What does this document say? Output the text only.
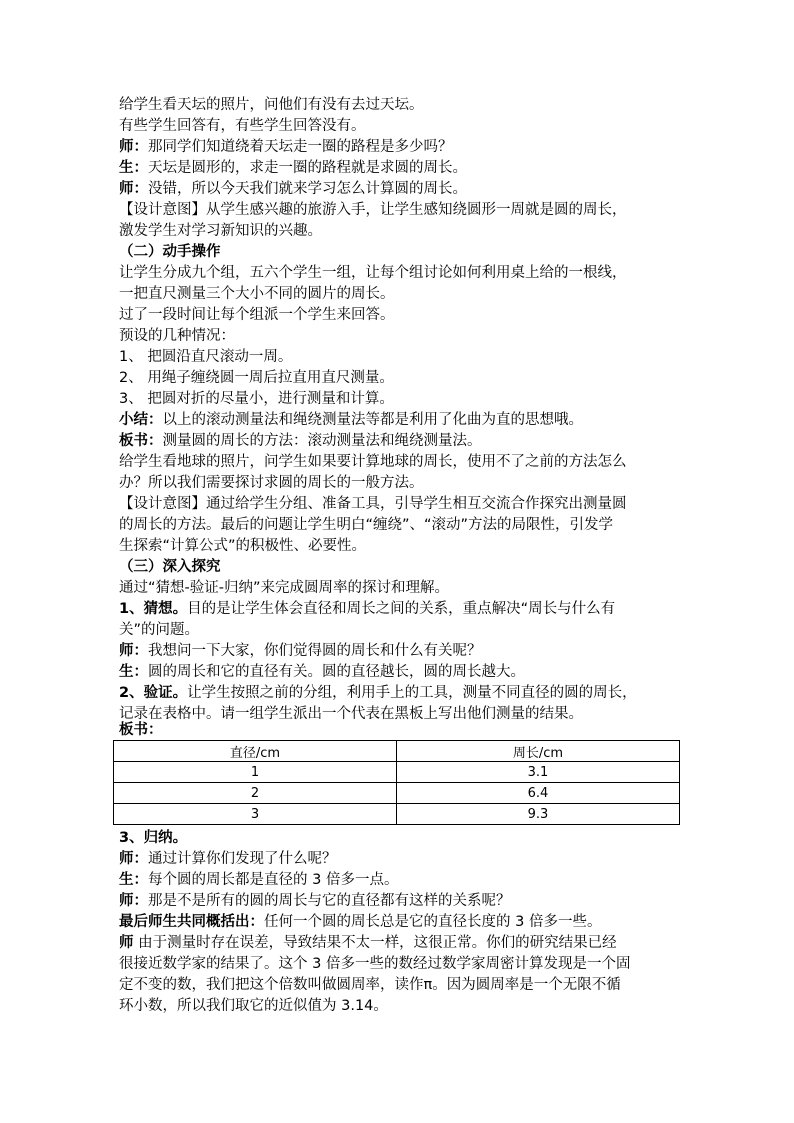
给学生看天坛的照片，问他们有没有去过天坛。

有些学生回答有，有些学生回答没有。

师：那同学们知道绕着天坛走一圈的路程是多少吗？

生：天坛是圆形的，求走一圈的路程就是求圆的周长。

师：没错，所以今天我们就来学习怎么计算圆的周长。

【设计意图】从学生感兴趣的旅游入手，让学生感知绕圆形一周就是圆的周长，

激发学生对学习新知识的兴趣。

（二）动手操作

让学生分成九个组，五六个学生一组，让每个组讨论如何利用桌上给的一根线，

一把直尺测量三个大小不同的圆片的周长。

过了一段时间让每个组派一个学生来回答。

预设的几种情况：

1、 把圆沿直尺滚动一周。

2、 用绳子缠绕圆一周后拉直用直尺测量。

3、 把圆对折的尽量小，进行测量和计算。

小结：以上的滚动测量法和绳绕测量法等都是利用了化曲为直的思想哦。

板书：测量圆的周长的方法：滚动测量法和绳绕测量法。

给学生看地球的照片，问学生如果要计算地球的周长，使用不了之前的方法怎么

办？所以我们需要探讨求圆的周长的一般方法。

【设计意图】通过给学生分组、准备工具，引导学生相互交流合作探究出测量圆

的周长的方法。最后的问题让学生明白“缠绕”、“滚动”方法的局限性，引发学

生探索“计算公式”的积极性、必要性。

（三）深入探究

通过“猜想-验证-归纳”来完成圆周率的探讨和理解。

1、猜想。目的是让学生体会直径和周长之间的关系，重点解决“周长与什么有

关”的问题。

师：我想问一下大家，你们觉得圆的周长和什么有关呢？

生：圆的周长和它的直径有关。圆的直径越长，圆的周长越大。

2、验证。让学生按照之前的分组，利用手上的工具，测量不同直径的圆的周长，

记录在表格中。请一组学生派出一个代表在黑板上写出他们测量的结果。

板书：

直径/cm	周长/cm
1	3.1
2	6.4
3	9.3

3、归纳。

师：通过计算你们发现了什么呢？

生：每个圆的周长都是直径的 3 倍多一点。

师：那是不是所有的圆的周长与它的直径都有这样的关系呢？

最后师生共同概括出：任何一个圆的周长总是它的直径长度的 3 倍多一些。

师 由于测量时存在误差，导致结果不太一样，这很正常。你们的研究结果已经

很接近数学家的结果了。这个 3 倍多一些的数经过数学家周密计算发现是一个固

定不变的数，我们把这个倍数叫做圆周率，读作π。因为圆周率是一个无限不循

环小数，所以我们取它的近似值为 3.14。
